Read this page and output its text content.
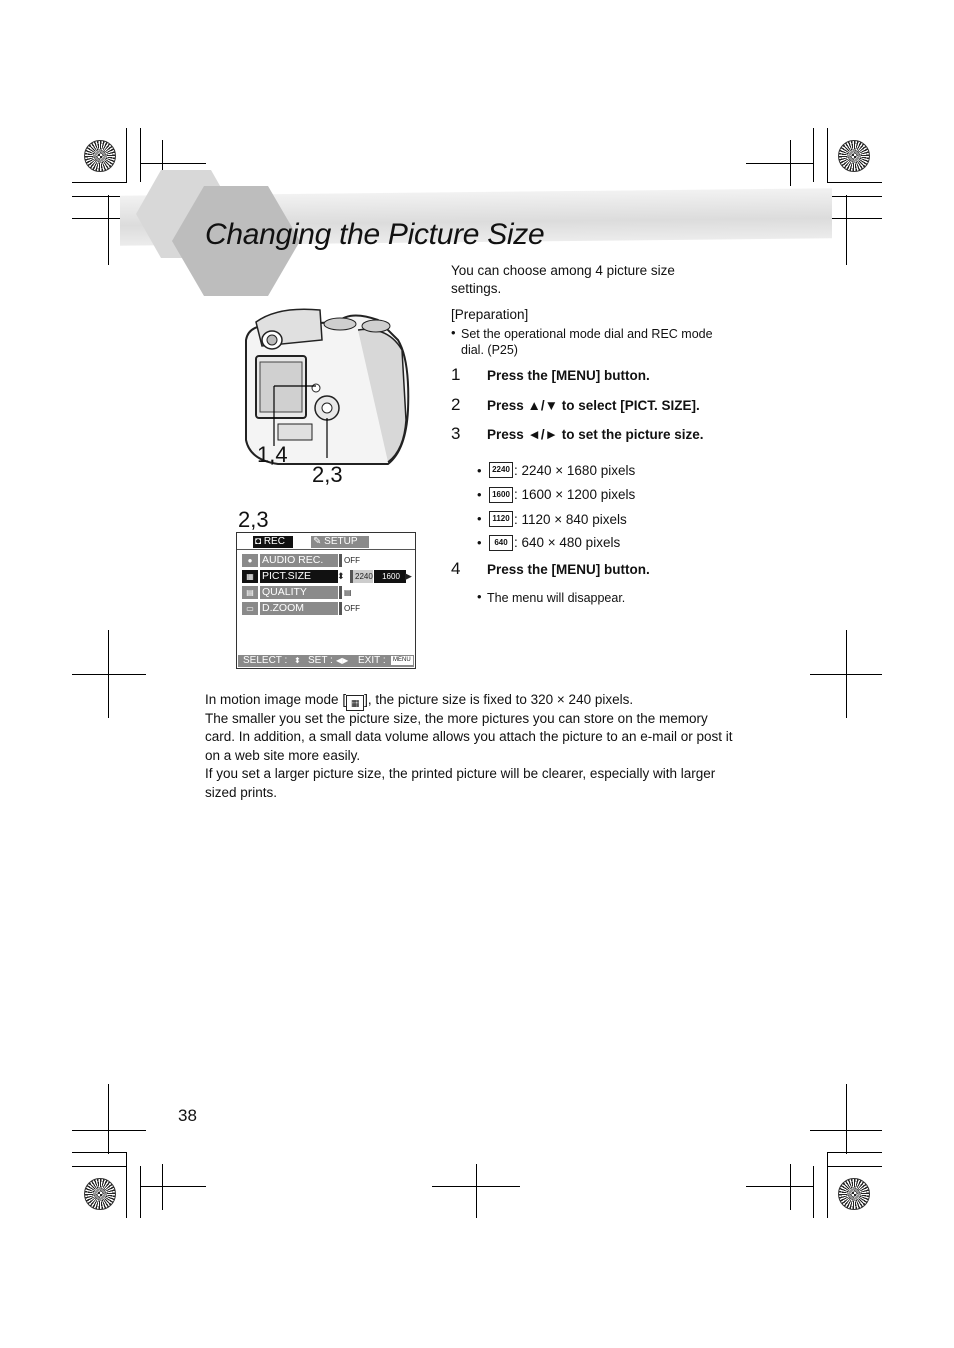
Changing the Picture Size
You can choose among 4 picture size
settings.
[Preparation]
• Set the operational mode dial and REC mode
dial. (P25)
1 Press the [MENU] button.
2 Press ▲/▼ to select [PICT. SIZE].
3 Press ◄/► to set the picture size.
•	2240 : 2240 × 1680 pixels
•	1600 : 1600 × 1200 pixels
•	1120 : 1120 × 840 pixels
•	640 : 640 × 480 pixels
4 Press the [MENU] button.
• The menu will disappear.
1,4
2,3
2,3
◘ REC	✎ SETUP
● AUDIO REC.	OFF
▦ PICT.SIZE	⬍	2240	1600 ▶
▤ QUALITY	▤
▭ D.ZOOM	OFF
SELECT : ⬍ SET : ◀▶ EXIT :	MENU
In motion image mode [ ▦ ], the picture size is fixed to 320 × 240 pixels.
The smaller you set the picture size, the more pictures you can store on the memory
card. In addition, a small data volume allows you attach the picture to an e-mail or post it
on a web site more easily.
If you set a larger picture size, the printed picture will be clearer, especially with larger
sized prints.
38
